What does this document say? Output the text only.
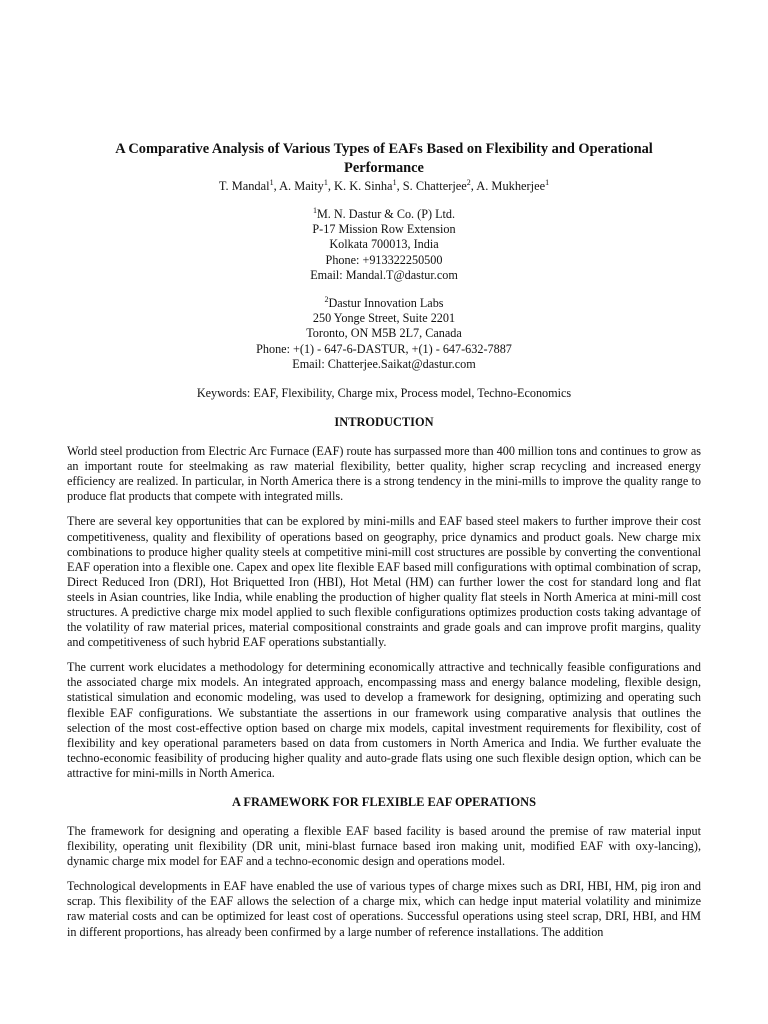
A Comparative Analysis of Various Types of EAFs Based on Flexibility and Operational Performance
T. Mandal$^1$, A. Maity$^1$, K. K. Sinha$^1$, S. Chatterjee$^2$, A. Mukherjee$^1$
$^1$M. N. Dastur & Co. (P) Ltd.
P-17 Mission Row Extension
Kolkata 700013, India
Phone: +913322250500
Email: Mandal.T@dastur.com
$^2$Dastur Innovation Labs
250 Yonge Street, Suite 2201
Toronto, ON M5B 2L7, Canada
Phone: +(1) - 647-6-DASTUR, +(1) - 647-632-7887
Email: Chatterjee.Saikat@dastur.com
Keywords: EAF, Flexibility, Charge mix, Process model, Techno-Economics
INTRODUCTION

World steel production from Electric Arc Furnace (EAF) route has surpassed more than 400 million tons and continues to grow as an important route for steelmaking as raw material flexibility, better quality, higher scrap recycling and increased energy efficiency are realized. In particular, in North America there is a strong tendency in the mini-mills to improve the quality range to produce flat products that compete with integrated mills.

There are several key opportunities that can be explored by mini-mills and EAF based steel makers to further improve their cost competitiveness, quality and flexibility of operations based on geography, price dynamics and product goals. New charge mix combinations to produce higher quality steels at competitive mini-mill cost structures are possible by converting the conventional EAF operation into a flexible one. Capex and opex lite flexible EAF based mill configurations with optimal combination of scrap, Direct Reduced Iron (DRI), Hot Briquetted Iron (HBI), Hot Metal (HM) can further lower the cost for standard long and flat steels in Asian countries, like India, while enabling the production of higher quality flat steels in North America at mini-mill cost structures. A predictive charge mix model applied to such flexible configurations optimizes production costs taking advantage of the volatility of raw material prices, material compositional constraints and grade goals and can improve profit margins, quality and competitiveness of such hybrid EAF operations substantially.

The current work elucidates a methodology for determining economically attractive and technically feasible configurations and the associated charge mix models. An integrated approach, encompassing mass and energy balance modeling, flexible design, statistical simulation and economic modeling, was used to develop a framework for designing, optimizing and operating such flexible EAF configurations. We substantiate the assertions in our framework using comparative analysis that outlines the selection of the most cost-effective option based on charge mix models, capital investment requirements for flexibility, cost of flexibility and key operational parameters based on data from customers in North America and India. We further evaluate the techno-economic feasibility of producing higher quality and auto-grade flats using one such flexible design option, which can be attractive for mini-mills in North America.

A FRAMEWORK FOR FLEXIBLE EAF OPERATIONS

The framework for designing and operating a flexible EAF based facility is based around the premise of raw material input flexibility, operating unit flexibility (DR unit, mini-blast furnace based iron making unit, modified EAF with oxy-lancing), dynamic charge mix model for EAF and a techno-economic design and operations model.

Technological developments in EAF have enabled the use of various types of charge mixes such as DRI, HBI, HM, pig iron and scrap. This flexibility of the EAF allows the selection of a charge mix, which can hedge input material volatility and minimize raw material costs and can be optimized for least cost of operations. Successful operations using steel scrap, DRI, HBI, and HM in different proportions, has already been confirmed by a large number of reference installations. The addition
